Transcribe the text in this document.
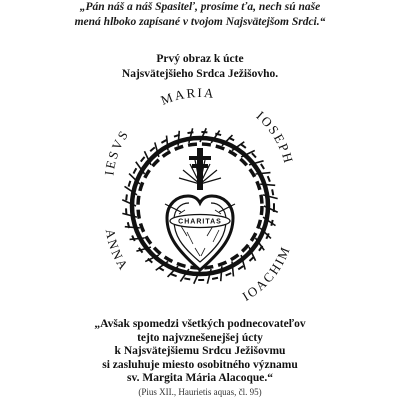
„Pán náš a náš Spasiteľ, prosíme ťa, nech sú naše
mená hlboko zapísané v tvojom Najsvätejšom Srdci.“
Prvý obraz k úcte
Najsvätejšieho Srdca Ježišovho.
IESVS
MARIA
IOSEPH
ANNA
IOACHIM
CHARITAS
„Avšak spomedzi všetkých podnecovateľov
tejto najvznešenejšej úcty
k Najsvätejšiemu Srdcu Ježišovmu
si zasluhuje miesto osobitného významu
sv. Margita Mária Alacoque.“
(Pius XII., Haurietis aquas, čl. 95)
